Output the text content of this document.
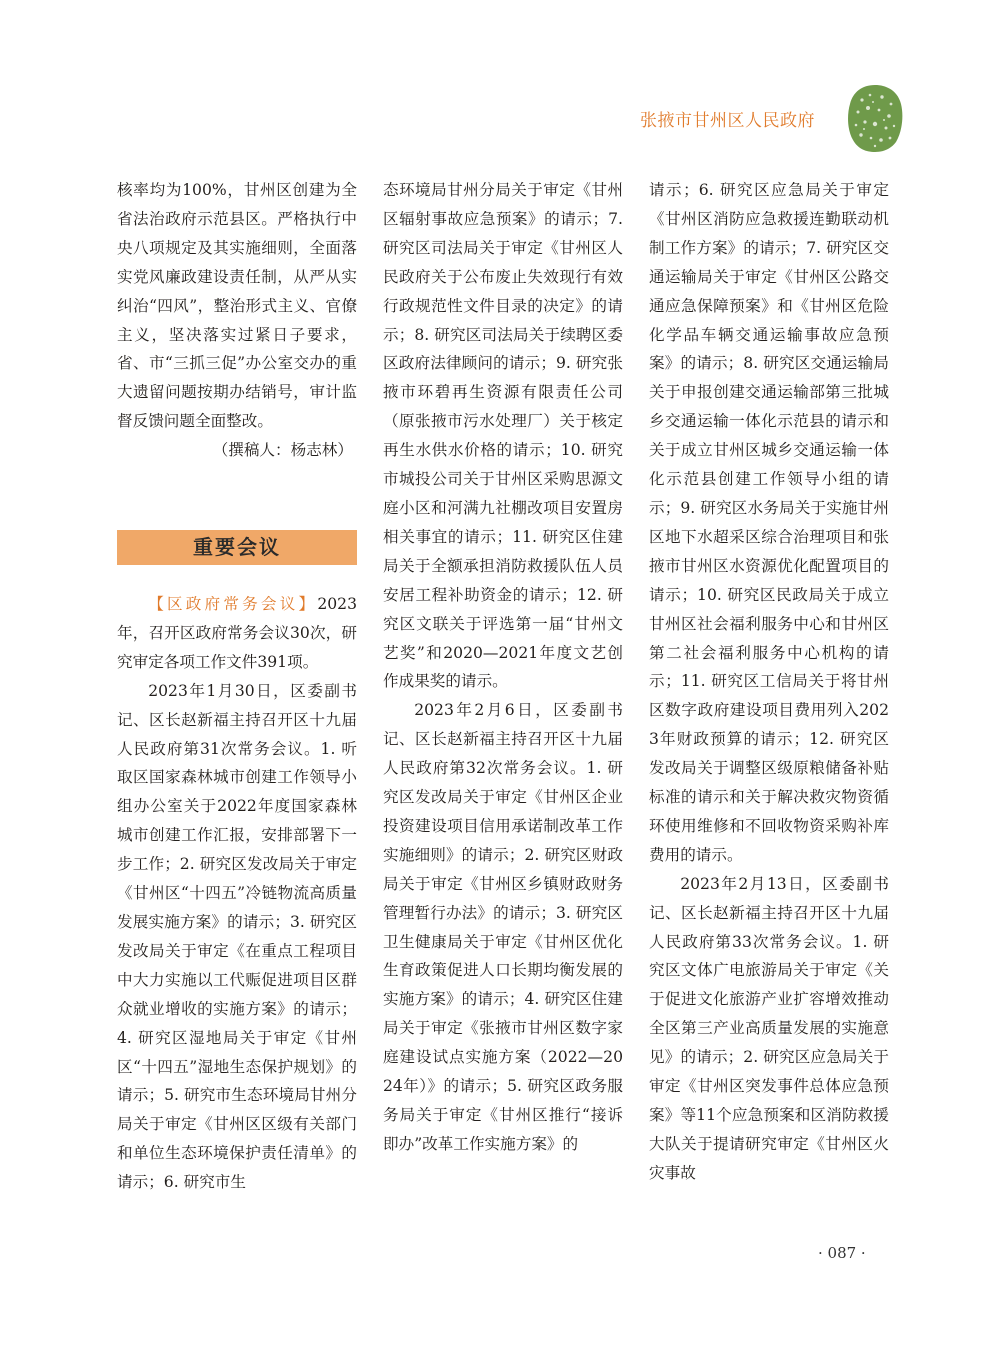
张掖市甘州区人民政府

核率均为100%，甘州区创建为全省法治政府示范县区。严格执行中央八项规定及其实施细则，全面落实党风廉政建设责任制，从严从实纠治“四风”，整治形式主义、官僚主义，坚决落实过紧日子要求，省、市“三抓三促”办公室交办的重大遗留问题按期办结销号，审计监督反馈问题全面整改。

（撰稿人：杨志林）

重要会议

【区政府常务会议】2023年，召开区政府常务会议30次，研究审定各项工作文件391项。

2023年1月30日，区委副书记、区长赵新福主持召开区十九届人民政府第31次常务会议。1. 听取区国家森林城市创建工作领导小组办公室关于2022年度国家森林城市创建工作汇报，安排部署下一步工作；2. 研究区发改局关于审定《甘州区“十四五”冷链物流高质量发展实施方案》的请示；3. 研究区发改局关于审定《在重点工程项目中大力实施以工代赈促进项目区群众就业增收的实施方案》的请示；4. 研究区湿地局关于审定《甘州区“十四五”湿地生态保护规划》的请示；5. 研究市生态环境局甘州分局关于审定《甘州区区级有关部门和单位生态环境保护责任清单》的请示；6. 研究市生

态环境局甘州分局关于审定《甘州区辐射事故应急预案》的请示；7. 研究区司法局关于审定《甘州区人民政府关于公布废止失效现行有效行政规范性文件目录的决定》的请示；8. 研究区司法局关于续聘区委区政府法律顾问的请示；9. 研究张掖市环碧再生资源有限责任公司（原张掖市污水处理厂）关于核定再生水供水价格的请示；10. 研究市城投公司关于甘州区采购思源文庭小区和河满九社棚改项目安置房相关事宜的请示；11. 研究区住建局关于全额承担消防救援队伍人员安居工程补助资金的请示；12. 研究区文联关于评选第一届“甘州文艺奖”和2020—2021年度文艺创作成果奖的请示。

2023年2月6日，区委副书记、区长赵新福主持召开区十九届人民政府第32次常务会议。1. 研究区发改局关于审定《甘州区企业投资建设项目信用承诺制改革工作实施细则》的请示；2. 研究区财政局关于审定《甘州区乡镇财政财务管理暂行办法》的请示；3. 研究区卫生健康局关于审定《甘州区优化生育政策促进人口长期均衡发展的实施方案》的请示；4. 研究区住建局关于审定《张掖市甘州区数字家庭建设试点实施方案（2022—2024年）》的请示；5. 研究区政务服务局关于审定《甘州区推行“接诉即办”改革工作实施方案》的

请示；6. 研究区应急局关于审定《甘州区消防应急救援连勤联动机制工作方案》的请示；7. 研究区交通运输局关于审定《甘州区公路交通应急保障预案》和《甘州区危险化学品车辆交通运输事故应急预案》的请示；8. 研究区交通运输局关于申报创建交通运输部第三批城乡交通运输一体化示范县的请示和关于成立甘州区城乡交通运输一体化示范县创建工作领导小组的请示；9. 研究区水务局关于实施甘州区地下水超采区综合治理项目和张掖市甘州区水资源优化配置项目的请示；10. 研究区民政局关于成立甘州区社会福利服务中心和甘州区第二社会福利服务中心机构的请示；11. 研究区工信局关于将甘州区数字政府建设项目费用列入2023年财政预算的请示；12. 研究区发改局关于调整区级原粮储备补贴标准的请示和关于解决救灾物资循环使用维修和不回收物资采购补库费用的请示。

2023年2月13日，区委副书记、区长赵新福主持召开区十九届人民政府第33次常务会议。1. 研究区文体广电旅游局关于审定《关于促进文化旅游产业扩容增效推动全区第三产业高质量发展的实施意见》的请示；2. 研究区应急局关于审定《甘州区突发事件总体应急预案》等11个应急预案和区消防救援大队关于提请研究审定《甘州区火灾事故

· 087 ·
